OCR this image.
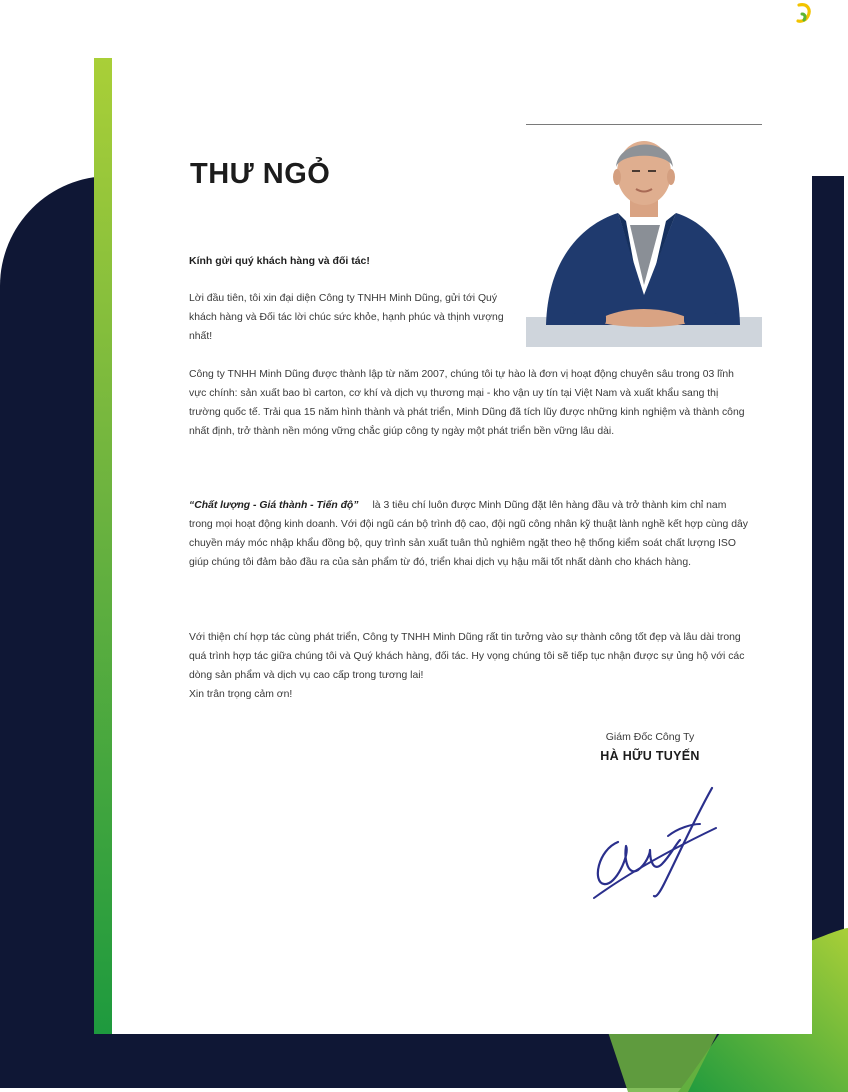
THƯ NGỎ
Kính gửi quý khách hàng và đối tác!

Lời đầu tiên, tôi xin đại diện Công ty TNHH Minh Dũng, gửi tới Quý khách hàng và Đối tác lời chúc sức khỏe, hạnh phúc và thịnh vượng nhất!

Công ty TNHH Minh Dũng được thành lập từ năm 2007, chúng tôi tự hào là đơn vị hoạt động chuyên sâu trong 03 lĩnh vực chính: sản xuất bao bì carton, cơ khí và dịch vụ thương mại - kho vận uy tín tại Việt Nam và xuất khẩu sang thị trường quốc tế. Trải qua 15 năm hình thành và phát triển, Minh Dũng đã tích lũy được những kinh nghiệm và thành công nhất định, trở thành nền móng vững chắc giúp công ty ngày một phát triển bền vững lâu dài.

“Chất lượng - Giá thành - Tiến độ” là 3 tiêu chí luôn được Minh Dũng đặt lên hàng đầu và trở thành kim chỉ nam trong mọi hoạt động kinh doanh. Với đội ngũ cán bộ trình độ cao, đội ngũ công nhân kỹ thuật lành nghề kết hợp cùng dây chuyền máy móc nhập khẩu đồng bộ, quy trình sản xuất tuân thủ nghiêm ngặt theo hệ thống kiểm soát chất lượng ISO giúp chúng tôi đảm bảo đầu ra của sản phẩm từ đó, triển khai dịch vụ hậu mãi tốt nhất dành cho khách hàng.

Với thiện chí hợp tác cùng phát triển, Công ty TNHH Minh Dũng rất tin tưởng vào sự thành công tốt đẹp và lâu dài trong quá trình hợp tác giữa chúng tôi và Quý khách hàng, đối tác. Hy vọng chúng tôi sẽ tiếp tục nhận được sự ủng hộ với các dòng sản phẩm và dịch vụ cao cấp trong tương lai!
Xin trân trọng cảm ơn!

Giám Đốc Công Ty
HÀ HỮU TUYẾN
